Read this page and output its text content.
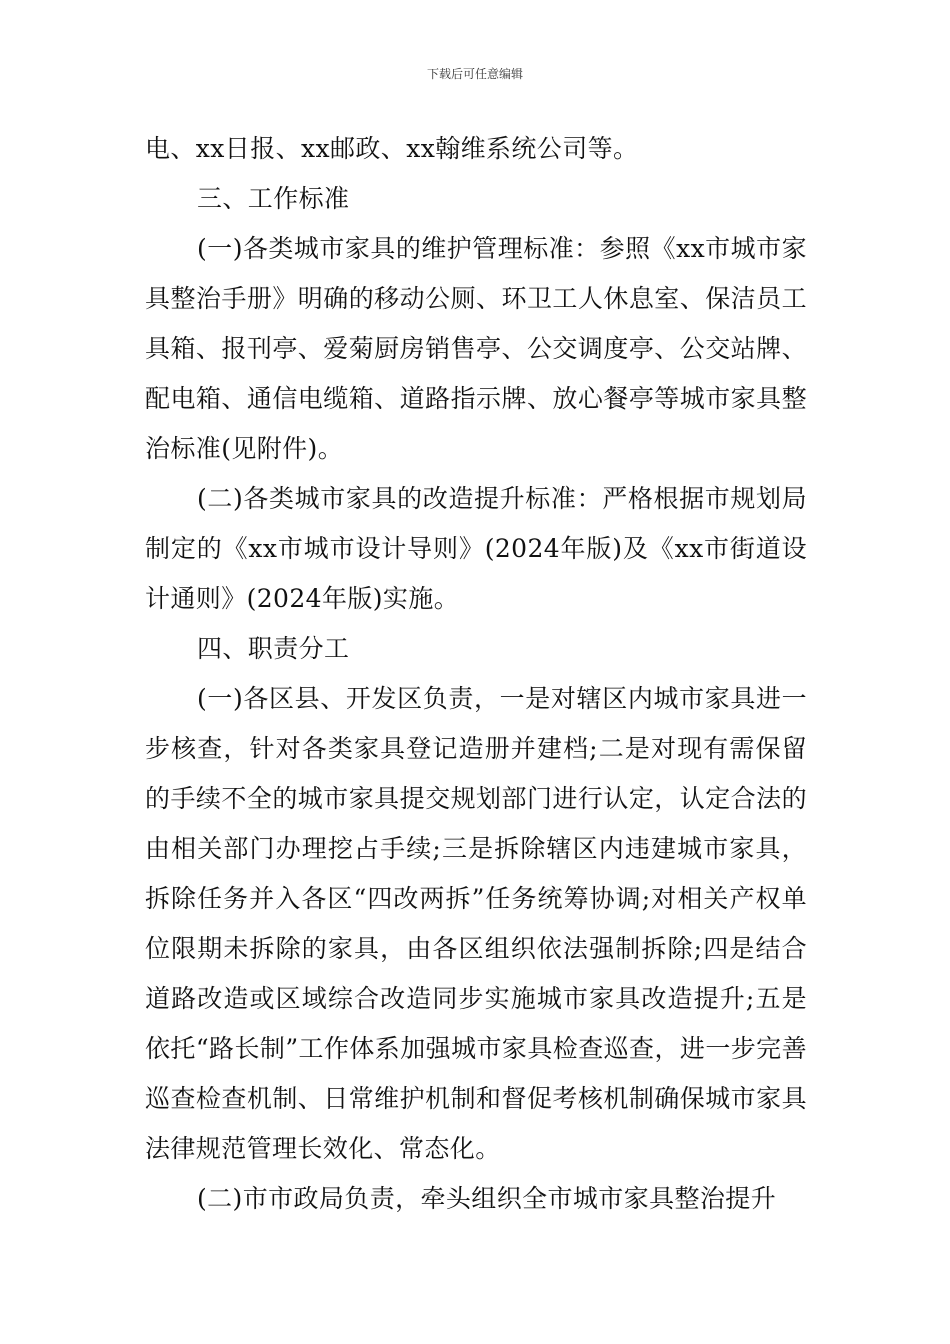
下载后可任意编辑

电、xx日报、xx邮政、xx翰维系统公司等。

三、工作标准

(一)各类城市家具的维护管理标准：参照《xx市城市家具整治手册》明确的移动公厕、环卫工人休息室、保洁员工具箱、报刊亭、爱菊厨房销售亭、公交调度亭、公交站牌、配电箱、通信电缆箱、道路指示牌、放心餐亭等城市家具整治标准(见附件)。

(二)各类城市家具的改造提升标准：严格根据市规划局制定的《xx市城市设计导则》(2024年版)及《xx市街道设计通则》(2024年版)实施。

四、职责分工

(一)各区县、开发区负责，一是对辖区内城市家具进一步核查，针对各类家具登记造册并建档;二是对现有需保留的手续不全的城市家具提交规划部门进行认定，认定合法的由相关部门办理挖占手续;三是拆除辖区内违建城市家具，拆除任务并入各区“四改两拆”任务统筹协调;对相关产权单位限期未拆除的家具，由各区组织依法强制拆除;四是结合道路改造或区域综合改造同步实施城市家具改造提升;五是依托“路长制”工作体系加强城市家具检查巡查，进一步完善巡查检查机制、日常维护机制和督促考核机制确保城市家具法律规范管理长效化、常态化。

(二)市市政局负责，牵头组织全市城市家具整治提升
